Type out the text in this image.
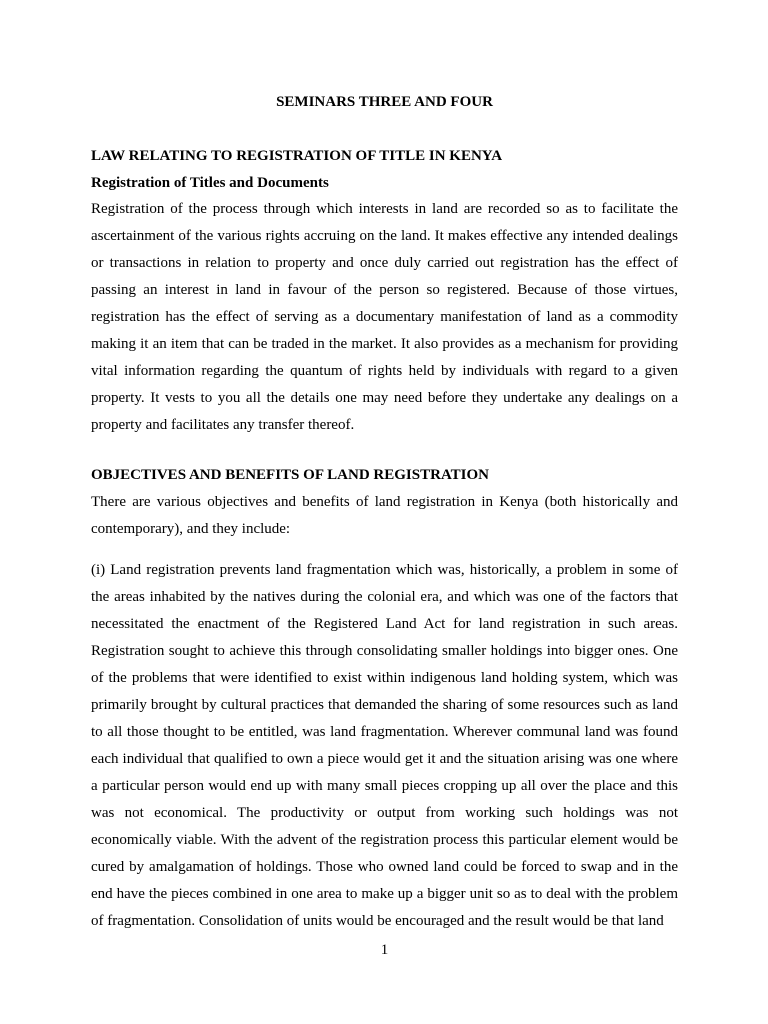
SEMINARS THREE AND FOUR
LAW RELATING TO REGISTRATION OF TITLE IN KENYA
Registration of Titles and Documents

Registration of the process through which interests in land are recorded so as to facilitate the ascertainment of the various rights accruing on the land. It makes effective any intended dealings or transactions in relation to property and once duly carried out registration has the effect of passing an interest in land in favour of the person so registered. Because of those virtues, registration has the effect of serving as a documentary manifestation of land as a commodity making it an item that can be traded in the market. It also provides as a mechanism for providing vital information regarding the quantum of rights held by individuals with regard to a given property. It vests to you all the details one may need before they undertake any dealings on a property and facilitates any transfer thereof.

OBJECTIVES AND BENEFITS OF LAND REGISTRATION

There are various objectives and benefits of land registration in Kenya (both historically and contemporary), and they include:

(i) Land registration prevents land fragmentation which was, historically, a problem in some of the areas inhabited by the natives during the colonial era, and which was one of the factors that necessitated the enactment of the Registered Land Act for land registration in such areas. Registration sought to achieve this through consolidating smaller holdings into bigger ones. One of the problems that were identified to exist within indigenous land holding system, which was primarily brought by cultural practices that demanded the sharing of some resources such as land to all those thought to be entitled, was land fragmentation. Wherever communal land was found each individual that qualified to own a piece would get it and the situation arising was one where a particular person would end up with many small pieces cropping up all over the place and this was not economical. The productivity or output from working such holdings was not economically viable. With the advent of the registration process this particular element would be cured by amalgamation of holdings. Those who owned land could be forced to swap and in the end have the pieces combined in one area to make up a bigger unit so as to deal with the problem of fragmentation. Consolidation of units would be encouraged and the result would be that land

1
